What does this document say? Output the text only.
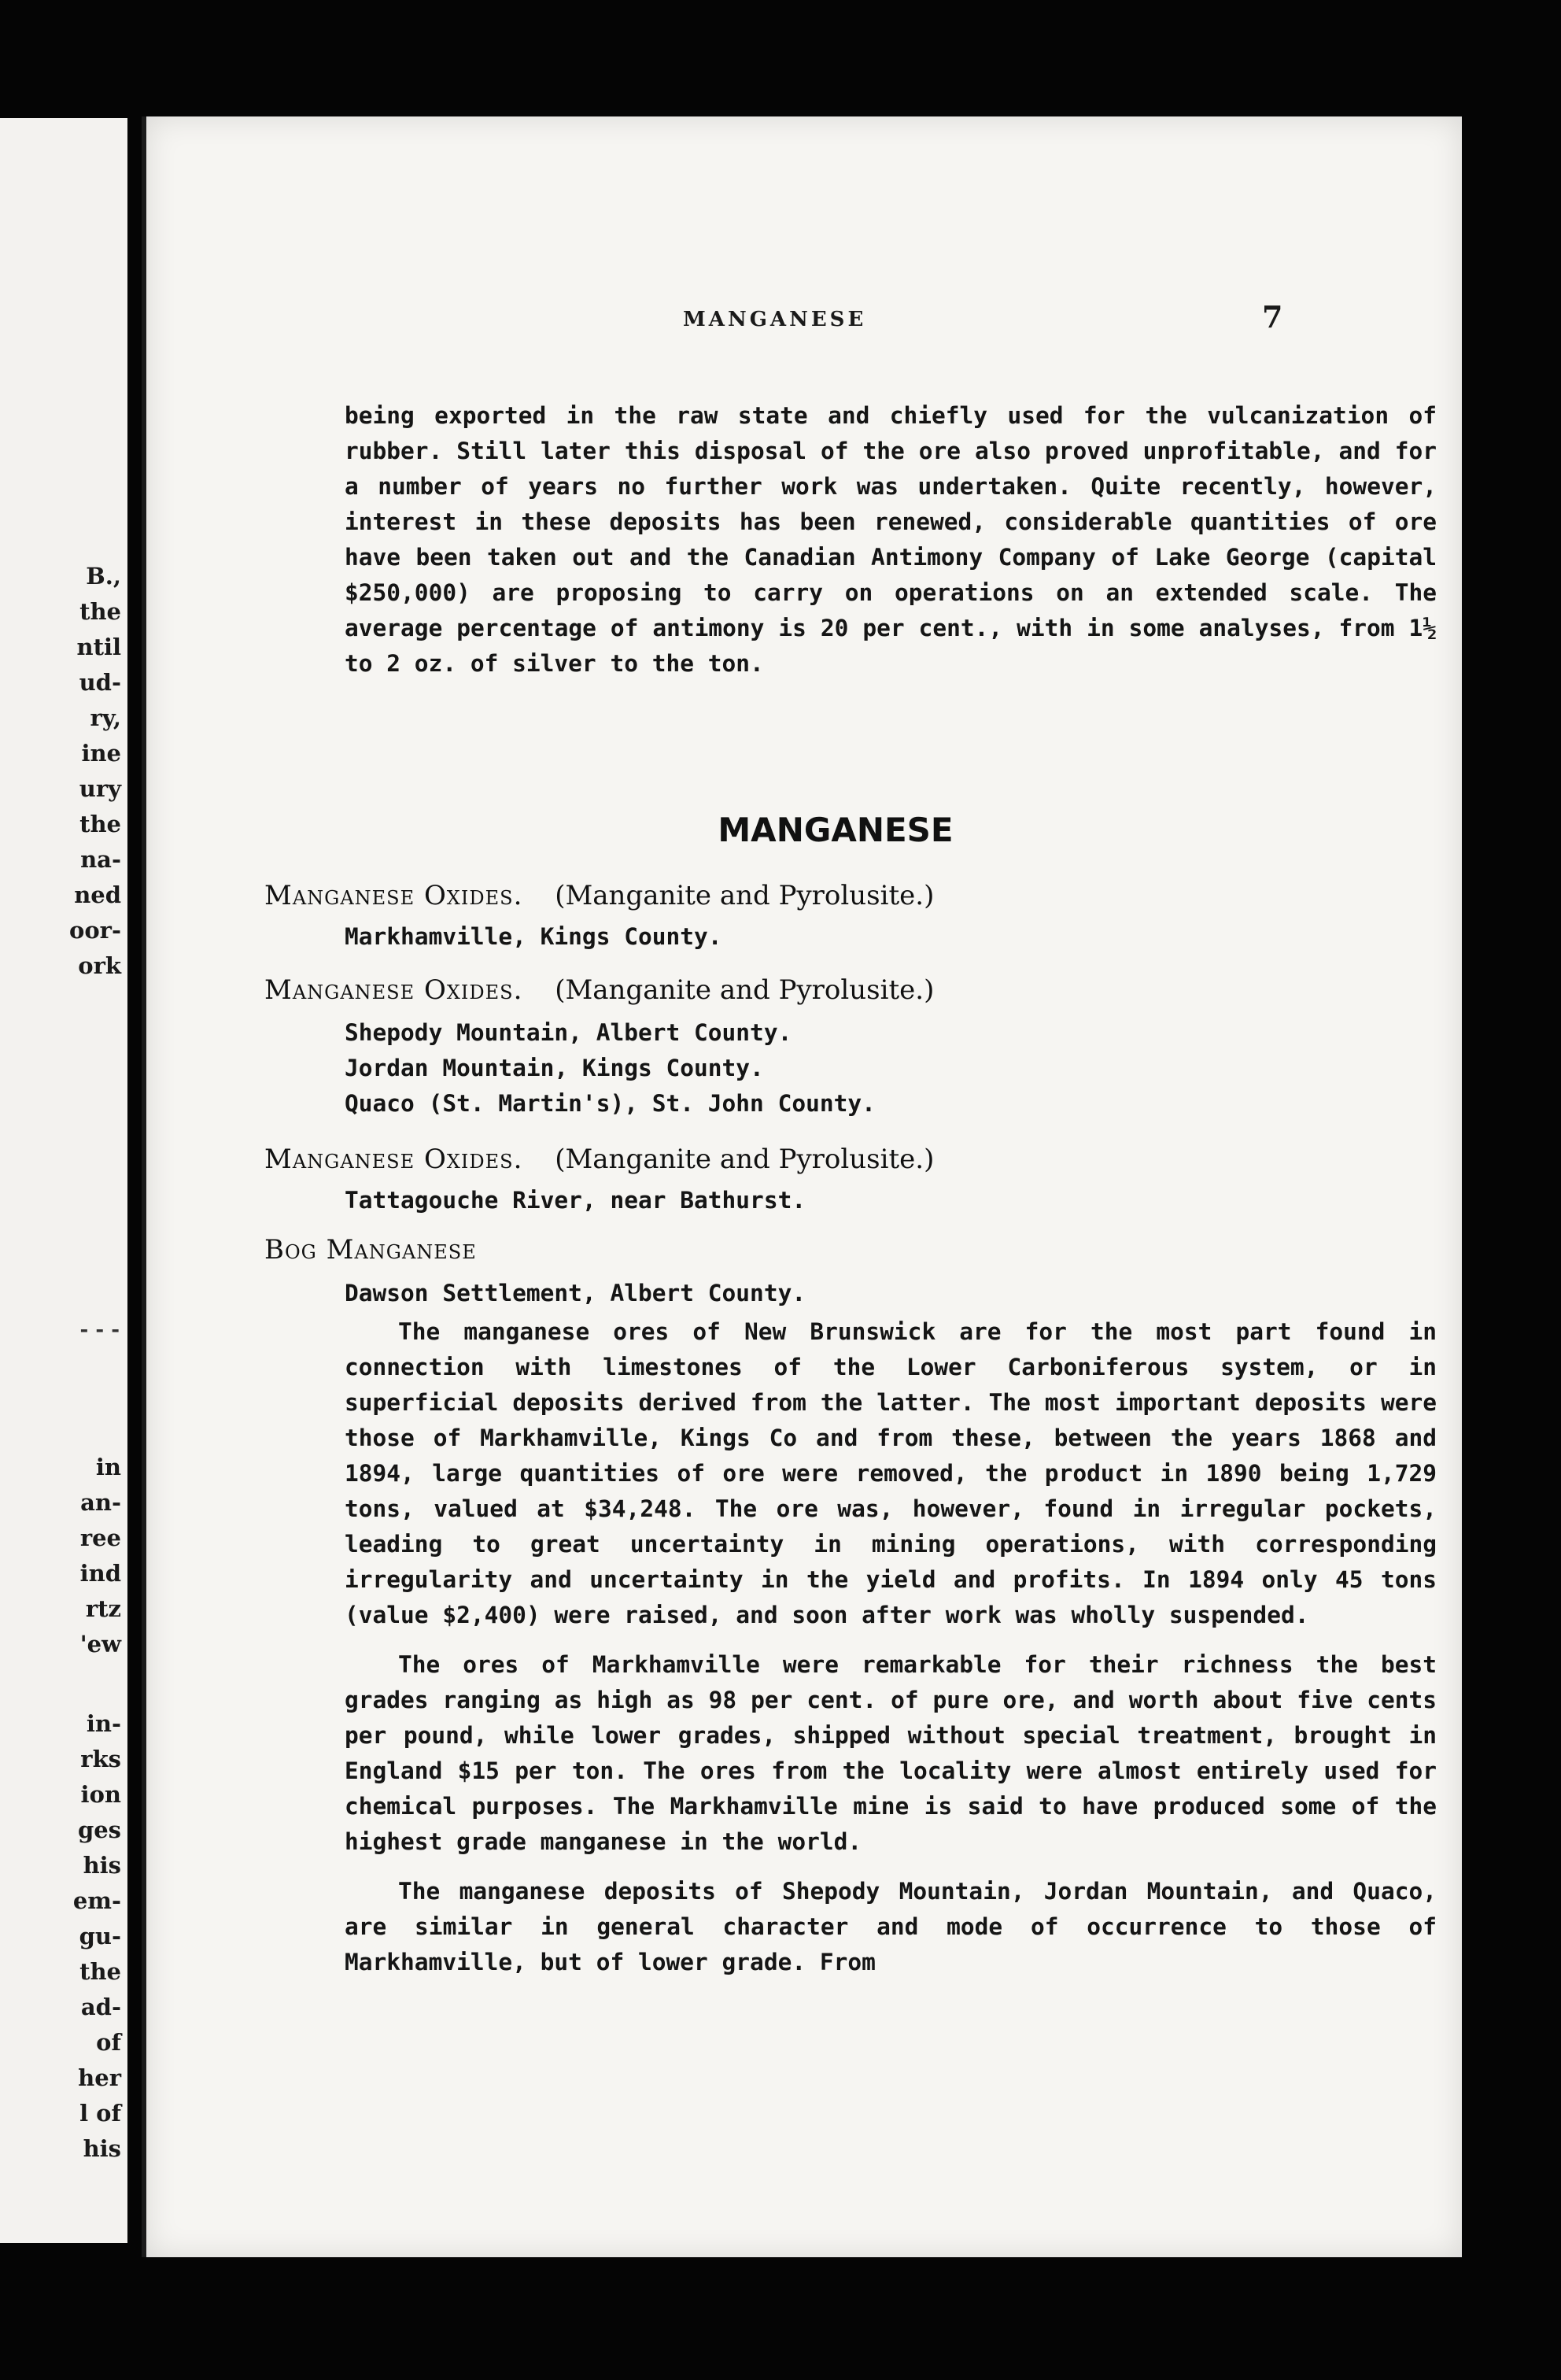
B.,
the
ntil
ud-
ry,
ine
ury
the
na-
ned
oor-
ork
- - -
in
an-
ree
ind
rtz
'ew
in-
rks
ion
ges
his
em-
gu-
the
ad-
of
her
l of
his
MANGANESE	7

being exported in the raw state and chiefly used for the vulcanization of rubber. Still later this disposal of the ore also proved unprofitable, and for a number of years no further work was undertaken. Quite recently, however, interest in these deposits has been renewed, considerable quantities of ore have been taken out and the Canadian Antimony Company of Lake George (capital $250,000) are proposing to carry on operations on an extended scale. The average percentage of antimony is 20 per cent., with in some analyses, from 1½ to 2 oz. of silver to the ton.

MANGANESE
Manganese Oxides. (Manganite and Pyrolusite.)
Markhamville, Kings County.
Manganese Oxides. (Manganite and Pyrolusite.)
Shepody Mountain, Albert County.
Jordan Mountain, Kings County.
Quaco (St. Martin's), St. John County.
Manganese Oxides. (Manganite and Pyrolusite.)
Tattagouche River, near Bathurst.
Bog Manganese
Dawson Settlement, Albert County.

The manganese ores of New Brunswick are for the most part found in connection with limestones of the Lower Carboniferous system, or in superficial deposits derived from the latter. The most important deposits were those of Markhamville, Kings Co and from these, between the years 1868 and 1894, large quantities of ore were removed, the product in 1890 being 1,729 tons, valued at $34,248. The ore was, however, found in irregular pockets, leading to great uncertainty in mining operations, with corresponding irregularity and uncertainty in the yield and profits. In 1894 only 45 tons (value $2,400) were raised, and soon after work was wholly suspended.

The ores of Markhamville were remarkable for their richness the best grades ranging as high as 98 per cent. of pure ore, and worth about five cents per pound, while lower grades, shipped without special treatment, brought in England $15 per ton. The ores from the locality were almost entirely used for chemical purposes. The Markhamville mine is said to have produced some of the highest grade manganese in the world.

The manganese deposits of Shepody Mountain, Jordan Mountain, and Quaco, are similar in general character and mode of occurrence to those of Markhamville, but of lower grade. From
